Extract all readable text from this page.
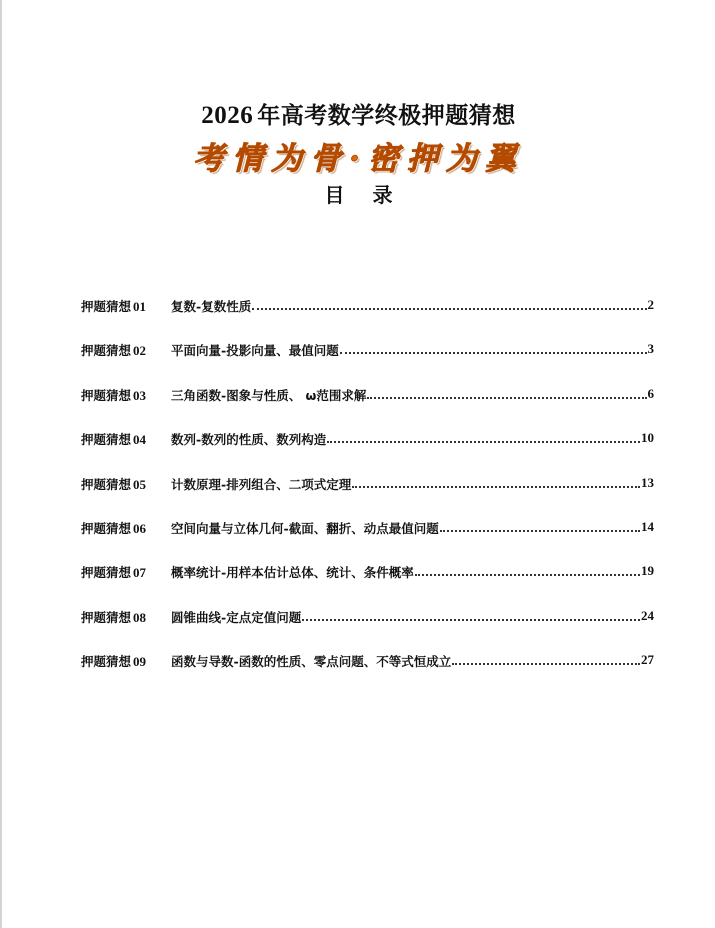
2026 年高考数学终极押题猜想
考情为骨·密押为翼
目 录
押题猜想 01	复数-复数性质	2
押题猜想 02	平面向量-投影向量、最值问题	3
押题猜想 03	三角函数-图象与性质、 ω范围求解	6
押题猜想 04	数列-数列的性质、数列构造	10
押题猜想 05	计数原理-排列组合、二项式定理	13
押题猜想 06	空间向量与立体几何-截面、翻折、动点最值问题	14
押题猜想 07	概率统计-用样本估计总体、统计、条件概率	19
押题猜想 08	圆锥曲线-定点定值问题	24
押题猜想 09	函数与导数-函数的性质、零点问题、不等式恒成立	27
